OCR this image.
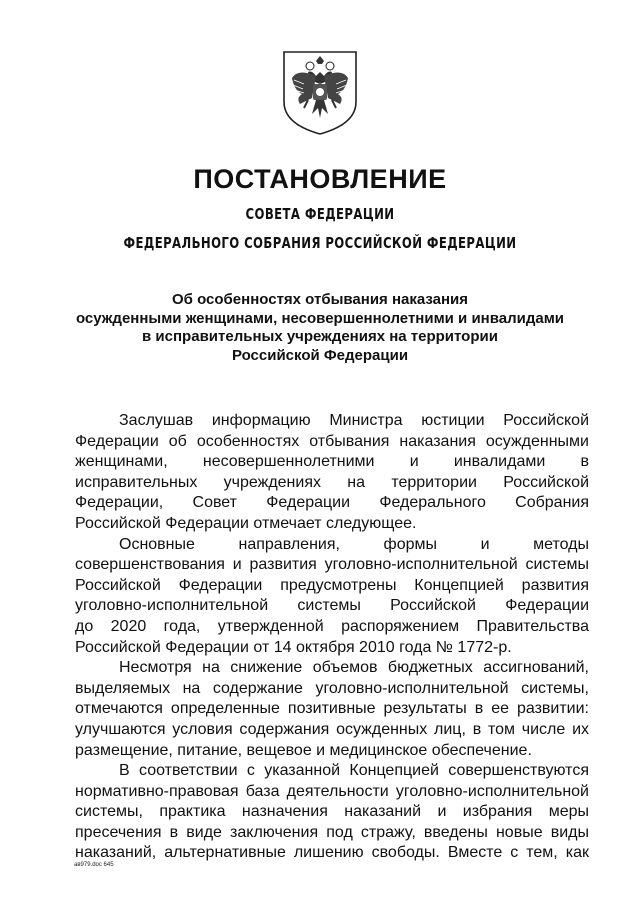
ПОСТАНОВЛЕНИЕ
СОВЕТА ФЕДЕРАЦИИ
ФЕДЕРАЛЬНОГО СОБРАНИЯ РОССИЙСКОЙ ФЕДЕРАЦИИ
Об особенностях отбывания наказания
осужденными женщинами, несовершеннолетними и инвалидами
в исправительных учреждениях на территории
Российской Федерации
Заслушав информацию Министра юстиции Российской
Федерации об особенностях отбывания наказания осужденными
женщинами, несовершеннолетними и инвалидами в
исправительных учреждениях на территории Российской
Федерации, Совет Федерации Федерального Собрания
Российской Федерации отмечает следующее.
Основные направления, формы и методы
совершенствования и развития уголовно-исполнительной системы
Российской Федерации предусмотрены Концепцией развития
уголовно-исполнительной системы Российской Федерации
до 2020 года, утвержденной распоряжением Правительства
Российской Федерации от 14 октября 2010 года № 1772-р.
Несмотря на снижение объемов бюджетных ассигнований,
выделяемых на содержание уголовно-исполнительной системы,
отмечаются определенные позитивные результаты в ее развитии:
улучшаются условия содержания осужденных лиц, в том числе их
размещение, питание, вещевое и медицинское обеспечение.
В соответствии с указанной Концепцией совершенствуются
нормативно-правовая база деятельности уголовно-исполнительной
системы, практика назначения наказаний и избрания меры
пресечения в виде заключения под стражу, введены новые виды
наказаний, альтернативные лишению свободы. Вместе с тем, как
ав979.doc 645
